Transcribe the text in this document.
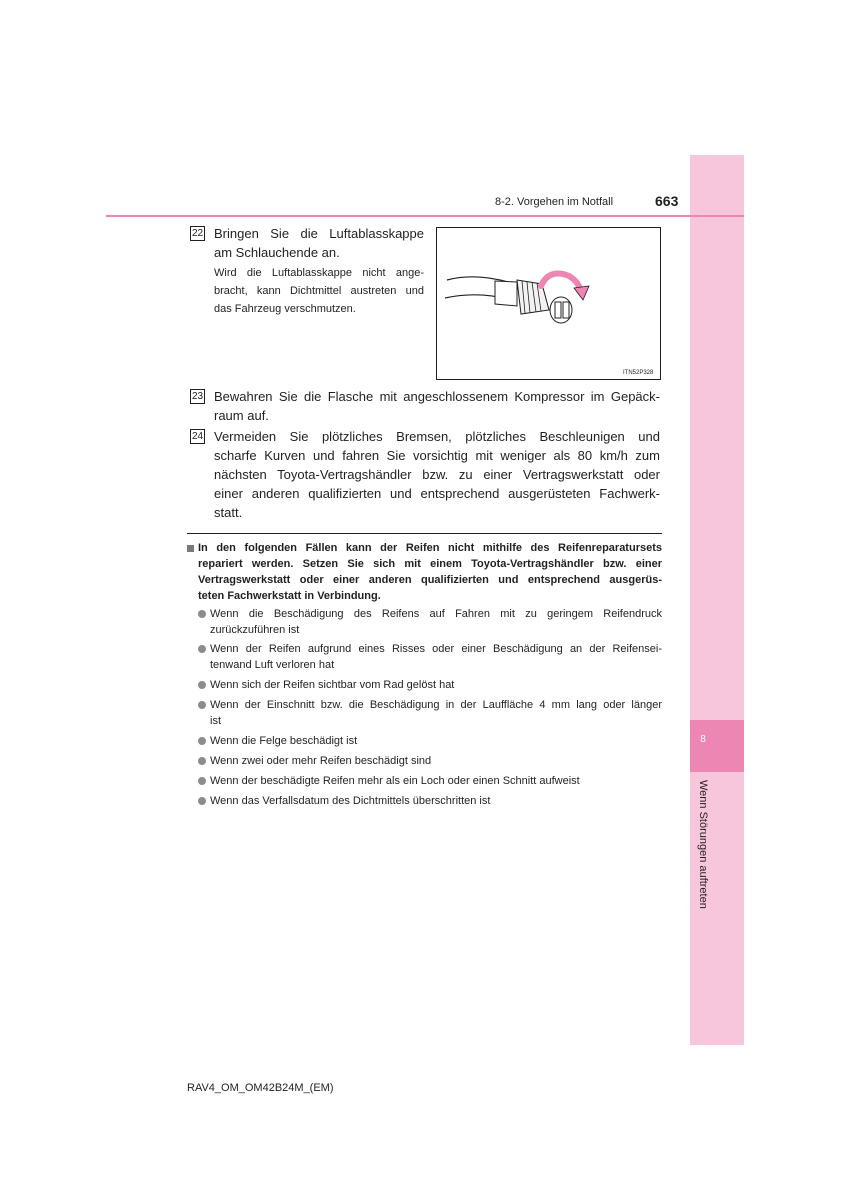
8
Wenn Störungen auftreten
8-2. Vorgehen im Notfall	663
22 Bringen Sie die Luftablasskappe
am Schlauchende an.
Wird die Luftablasskappe nicht ange-
bracht, kann Dichtmittel austreten und
das Fahrzeug verschmutzen.
ITN52P328
23 Bewahren Sie die Flasche mit angeschlossenem Kompressor im Gepäck-
raum auf.
24 Vermeiden Sie plötzliches Bremsen, plötzliches Beschleunigen und
scharfe Kurven und fahren Sie vorsichtig mit weniger als 80 km/h zum
nächsten Toyota-Vertragshändler bzw. zu einer Vertragswerkstatt oder
einer anderen qualifizierten und entsprechend ausgerüsteten Fachwerk-
statt.
In den folgenden Fällen kann der Reifen nicht mithilfe des Reifenreparatursets
repariert werden. Setzen Sie sich mit einem Toyota-Vertragshändler bzw. einer
Vertragswerkstatt oder einer anderen qualifizierten und entsprechend ausgerüs-
teten Fachwerkstatt in Verbindung.
Wenn die Beschädigung des Reifens auf Fahren mit zu geringem Reifendruck
zurückzuführen ist
Wenn der Reifen aufgrund eines Risses oder einer Beschädigung an der Reifensei-
tenwand Luft verloren hat
Wenn sich der Reifen sichtbar vom Rad gelöst hat
Wenn der Einschnitt bzw. die Beschädigung in der Lauffläche 4 mm lang oder länger
ist
Wenn die Felge beschädigt ist
Wenn zwei oder mehr Reifen beschädigt sind
Wenn der beschädigte Reifen mehr als ein Loch oder einen Schnitt aufweist
Wenn das Verfallsdatum des Dichtmittels überschritten ist
RAV4_OM_OM42B24M_(EM)
